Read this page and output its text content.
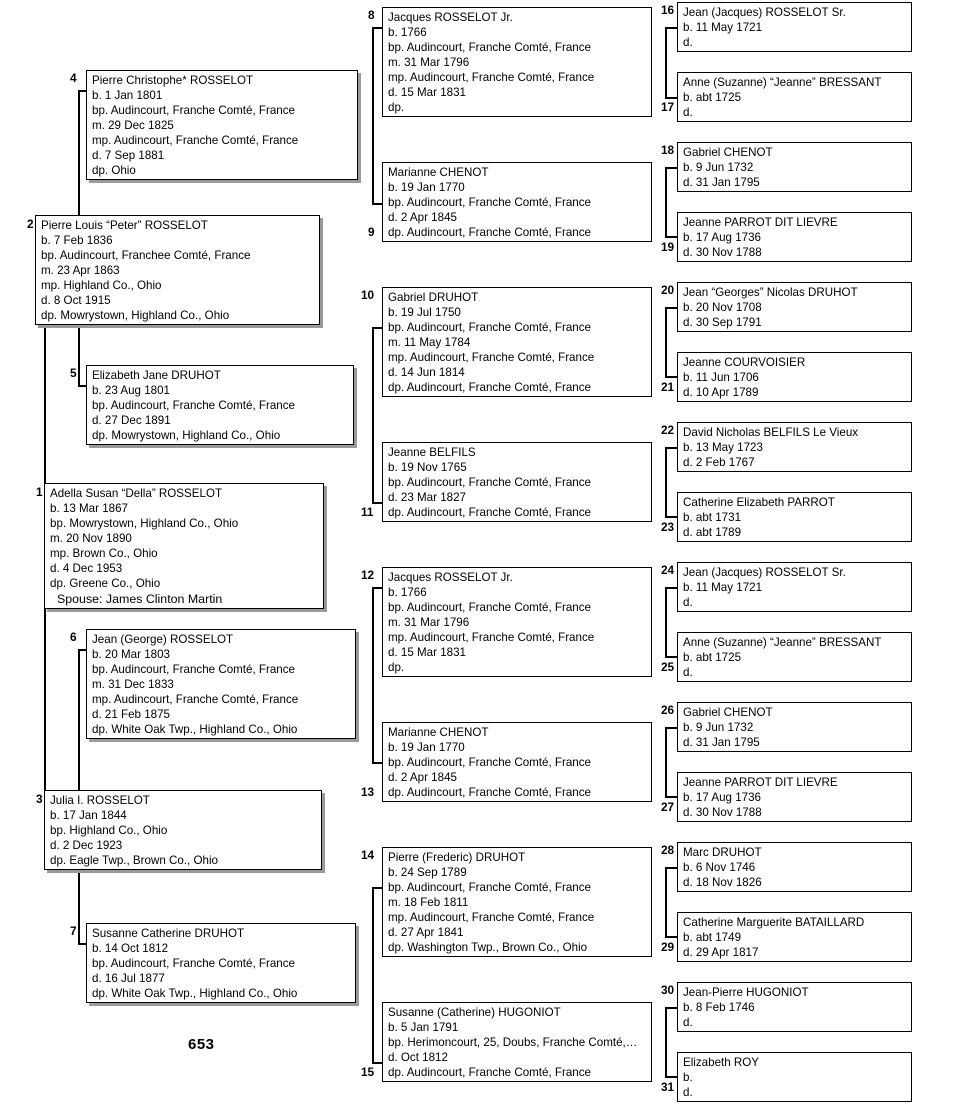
1 Adella Susan “Della” ROSSELOT
b. 13 Mar 1867
bp. Mowrystown, Highland Co., Ohio
m. 20 Nov 1890
mp. Brown Co., Ohio
d. 4 Dec 1953
dp. Greene Co., Ohio
Spouse: James Clinton Martin
2 Pierre Louis “Peter” ROSSELOT
b. 7 Feb 1836
bp. Audincourt, Francheе Comté, France
m. 23 Apr 1863
mp. Highland Co., Ohio
d. 8 Oct 1915
dp. Mowrystown, Highland Co., Ohio
3 Julia I. ROSSELOT
b. 17 Jan 1844
bp. Highland Co., Ohio
d. 2 Dec 1923
dp. Eagle Twp., Brown Co., Ohio
4 Pierre Christophe* ROSSELOT
b. 1 Jan 1801
bp. Audincourt, Franche Comté, France
m. 29 Dec 1825
mp. Audincourt, Franche Comté, France
d. 7 Sep 1881
dp. Ohio
5 Elizabeth Jane DRUHOT
b. 23 Aug 1801
bp. Audincourt, Franche Comté, France
d. 27 Dec 1891
dp. Mowrystown, Highland Co., Ohio
6 Jean (George) ROSSELOT
b. 20 Mar 1803
bp. Audincourt, Franche Comté, France
m. 31 Dec 1833
mp. Audincourt, Franche Comté, France
d. 21 Feb 1875
dp. White Oak Twp., Highland Co., Ohio
7 Susanne Catherine DRUHOT
b. 14 Oct 1812
bp. Audincourt, Franche Comté, France
d. 16 Jul 1877
dp. White Oak Twp., Highland Co., Ohio
8 Jacques ROSSELOT Jr.
b. 1766
bp. Audincourt, Franche Comté, France
m. 31 Mar 1796
mp. Audincourt, Franche Comté, France
d. 15 Mar 1831
dp.
9
Marianne CHENOT
b. 19 Jan 1770
bp. Audincourt, Franche Comté, France
d. 2 Apr 1845
dp. Audincourt, Franche Comté, France
10 Gabriel DRUHOT
b. 19 Jul 1750
bp. Audincourt, Franche Comté, France
m. 11 May 1784
mp. Audincourt, Franche Comté, France
d. 14 Jun 1814
dp. Audincourt, Franche Comté, France
11
Jeanne BELFILS
b. 19 Nov 1765
bp. Audincourt, Franche Comté, France
d. 23 Mar 1827
dp. Audincourt, Franche Comté, France
12 Jacques ROSSELOT Jr.
b. 1766
bp. Audincourt, Franche Comté, France
m. 31 Mar 1796
mp. Audincourt, Franche Comté, France
d. 15 Mar 1831
dp.
13
Marianne CHENOT
b. 19 Jan 1770
bp. Audincourt, Franche Comté, France
d. 2 Apr 1845
dp. Audincourt, Franche Comté, France
14 Pierre (Frederic) DRUHOT
b. 24 Sep 1789
bp. Audincourt, Franche Comté, France
m. 18 Feb 1811
mp. Audincourt, Franche Comté, France
d. 27 Apr 1841
dp. Washington Twp., Brown Co., Ohio
15
Susanne (Catherine) HUGONIOT
b. 5 Jan 1791
bp. Herimoncourt, 25, Doubs, Franche Comté,…
d. Oct 1812
dp. Audincourt, Franche Comté, France
16 Jean (Jacques) ROSSELOT Sr.
b. 11 May 1721
d.
17
Anne (Suzanne) “Jeanne” BRESSANT
b. abt 1725
d.
18 Gabriel CHENOT
b. 9 Jun 1732
d. 31 Jan 1795
19
Jeanne PARROT DIT LIEVRE
b. 17 Aug 1736
d. 30 Nov 1788
20 Jean “Georges” Nicolas DRUHOT
b. 20 Nov 1708
d. 30 Sep 1791
21
Jeanne COURVOISIER
b. 11 Jun 1706
d. 10 Apr 1789
22 David Nicholas BELFILS Le Vieux
b. 13 May 1723
d. 2 Feb 1767
23
Catherine Elizabeth PARROT
b. abt 1731
d. abt 1789
24 Jean (Jacques) ROSSELOT Sr.
b. 11 May 1721
d.
25
Anne (Suzanne) “Jeanne” BRESSANT
b. abt 1725
d.
26 Gabriel CHENOT
b. 9 Jun 1732
d. 31 Jan 1795
27
Jeanne PARROT DIT LIEVRE
b. 17 Aug 1736
d. 30 Nov 1788
28 Marc DRUHOT
b. 6 Nov 1746
d. 18 Nov 1826
29
Catherine Marguerite BATAILLARD
b. abt 1749
d. 29 Apr 1817
30 Jean-Pierre HUGONIOT
b. 8 Feb 1746
d.
31
Elizabeth ROY
b.
d.
653
